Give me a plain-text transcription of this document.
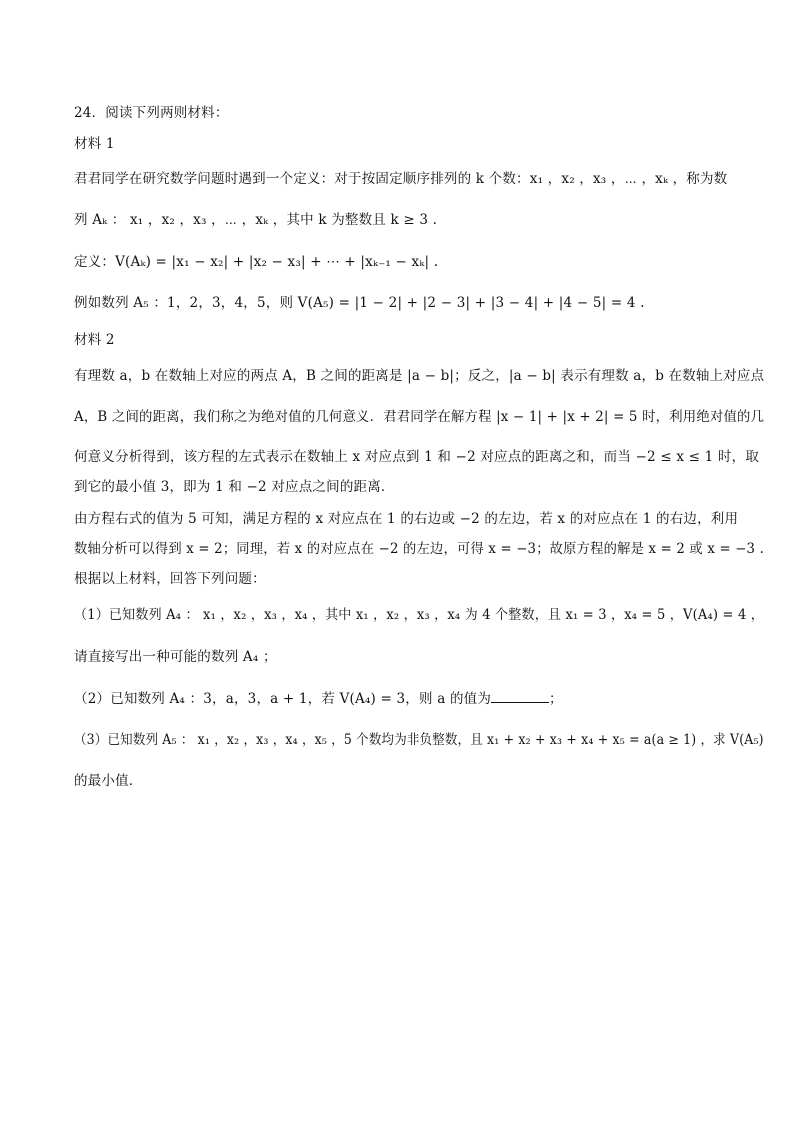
24．阅读下列两则材料：
材料 1
君君同学在研究数学问题时遇到一个定义：对于按固定顺序排列的 k 个数：x₁ ，x₂ ，x₃ ，⋯ ，xₖ ，称为数
列 Aₖ ： x₁ ，x₂ ，x₃ ，⋯ ，xₖ ，其中 k 为整数且 k ≥ 3 .
定义：V(Aₖ) = |x₁ − x₂| + |x₂ − x₃| + ⋯ + |xₖ₋₁ − xₖ| .
例如数列 A₅ ：1，2，3，4，5，则 V(A₅) = |1 − 2| + |2 − 3| + |3 − 4| + |4 − 5| = 4 .
材料 2
有理数 a，b 在数轴上对应的两点 A，B 之间的距离是 |a − b|；反之，|a − b| 表示有理数 a，b 在数轴上对应点
A，B 之间的距离，我们称之为绝对值的几何意义．君君同学在解方程 |x − 1| + |x + 2| = 5 时，利用绝对值的几
何意义分析得到，该方程的左式表示在数轴上 x 对应点到 1 和 −2 对应点的距离之和，而当 −2 ≤ x ≤ 1 时，取
到它的最小值 3，即为 1 和 −2 对应点之间的距离．
由方程右式的值为 5 可知，满足方程的 x 对应点在 1 的右边或 −2 的左边，若 x 的对应点在 1 的右边，利用
数轴分析可以得到 x = 2；同理，若 x 的对应点在 −2 的左边，可得 x = −3；故原方程的解是 x = 2 或 x = −3 .
根据以上材料，回答下列问题：
（1）已知数列 A₄ ： x₁ ，x₂ ，x₃ ，x₄ ，其中 x₁ ，x₂ ，x₃ ，x₄ 为 4 个整数，且 x₁ = 3 ，x₄ = 5 ，V(A₄) = 4 ，
请直接写出一种可能的数列 A₄ ；
（2）已知数列 A₄ ：3，a，3，a + 1，若 V(A₄) = 3，则 a 的值为	；
（3）已知数列 A₅ ： x₁ ，x₂ ，x₃ ，x₄ ，x₅ ，5 个数均为非负整数，且 x₁ + x₂ + x₃ + x₄ + x₅ = a(a ≥ 1) ，求 V(A₅)
的最小值．
